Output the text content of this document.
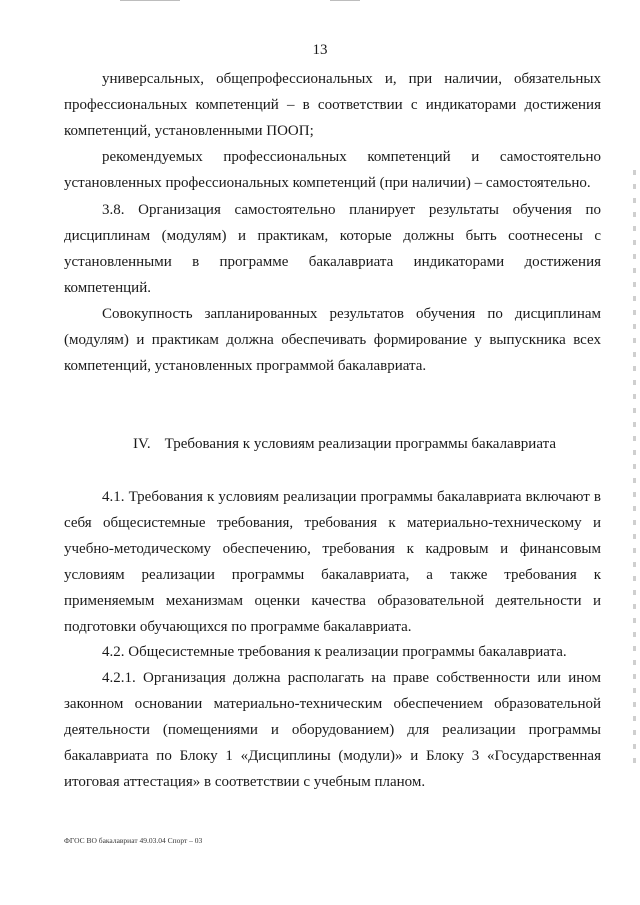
13

универсальных, общепрофессиональных и, при наличии, обязательных профессиональных компетенций – в соответствии с индикаторами достижения компетенций, установленными ПООП;

рекомендуемых профессиональных компетенций и самостоятельно установленных профессиональных компетенций (при наличии) – самостоятельно.

3.8. Организация самостоятельно планирует результаты обучения по дисциплинам (модулям) и практикам, которые должны быть соотнесены с установленными в программе бакалавриата индикаторами достижения компетенций.

Совокупность запланированных результатов обучения по дисциплинам (модулям) и практикам должна обеспечивать формирование у выпускника всех компетенций, установленных программой бакалавриата.

IV. Требования к условиям реализации программы бакалавриата

4.1. Требования к условиям реализации программы бакалавриата включают в себя общесистемные требования, требования к материально-техническому и учебно-методическому обеспечению, требования к кадровым и финансовым условиям реализации программы бакалавриата, а также требования к применяемым механизмам оценки качества образовательной деятельности и подготовки обучающихся по программе бакалавриата.

4.2. Общесистемные требования к реализации программы бакалавриата.

4.2.1. Организация должна располагать на праве собственности или ином законном основании материально-техническим обеспечением образовательной деятельности (помещениями и оборудованием) для реализации программы бакалавриата по Блоку 1 «Дисциплины (модули)» и Блоку 3 «Государственная итоговая аттестация» в соответствии с учебным планом.

ФГОС ВО бакалавриат 49.03.04 Спорт – 03
